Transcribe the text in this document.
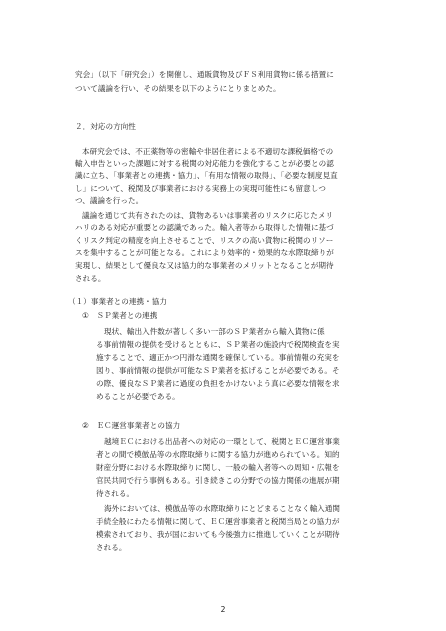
究会」（以下「研究会」）を開催し、通販貨物及びＦＳ利用貨物に係る措置に
ついて議論を行い、その結果を以下のようにとりまとめた。
２．対応の方向性
本研究会では、不正薬物等の密輸や非居住者による不適切な課税価格での
輸入申告といった課題に対する税関の対応能力を強化することが必要との認
識に立ち、「事業者との連携・協力」、「有用な情報の取得」、「必要な制度見直
し」について、税関及び事業者における実務上の実現可能性にも留意しつ
つ、議論を行った。
議論を通じて共有されたのは、貨物あるいは事業者のリスクに応じたメリ
ハリのある対応が重要との認識であった。輸入者等から取得した情報に基づ
くリスク判定の精度を向上させることで、リスクの高い貨物に税関のリソー
スを集中することが可能となる。これにより効率的・効果的な水際取締りが
実現し、結果として優良な又は協力的な事業者のメリットとなることが期待
される。
（１）事業者との連携・協力
①　ＳＰ業者との連携
現状、輸出入件数が著しく多い一部のＳＰ業者から輸入貨物に係
る事前情報の提供を受けるとともに、ＳＰ業者の施設内で税関検査を実
施することで、適正かつ円滑な通関を確保している。事前情報の充実を
図り、事前情報の提供が可能なＳＰ業者を拡げることが必要である。そ
の際、優良なＳＰ業者に過度の負担をかけないよう真に必要な情報を求
めることが必要である。
②　ＥＣ運営事業者との協力
越境ＥＣにおける出品者への対応の一環として、税関とＥＣ運営事業
者との間で模倣品等の水際取締りに関する協力が進められている。知的
財産分野における水際取締りに関し、一般の輸入者等への周知・広報を
官民共同で行う事例もある。引き続きこの分野での協力関係の進展が期
待される。
海外においては、模倣品等の水際取締りにとどまることなく輸入通関
手続全般にわたる情報に関して、ＥＣ運営事業者と税関当局との協力が
模索されており、我が国においても今後強力に推進していくことが期待
される。
2
